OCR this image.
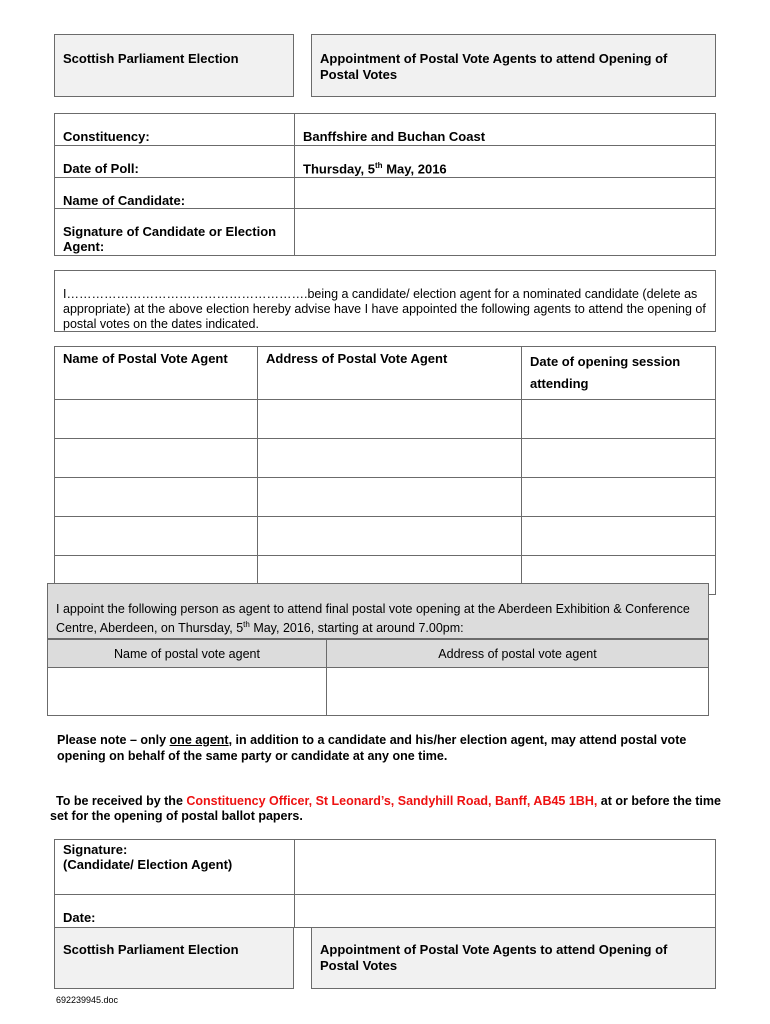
Scottish Parliament Election	Appointment of Postal Vote Agents to attend Opening of Postal Votes
Constituency:	Banffshire and Buchan Coast
Date of Poll:	Thursday, 5th May, 2016
Name of Candidate:	
Signature of Candidate or Election Agent:	
I………………………………………………….being a candidate/ election agent for a nominated candidate (delete as appropriate) at the above election hereby advise have I have appointed the following agents to attend the opening of postal votes on the dates indicated.
Name of Postal Vote Agent	Address of Postal Vote Agent	Date of opening session attending

I appoint the following person as agent to attend final postal vote opening at the Aberdeen Exhibition & Conference Centre, Aberdeen, on Thursday, 5th May, 2016, starting at around 7.00pm:
Name of postal vote agent	Address of postal vote agent

Please note – only one agent, in addition to a candidate and his/her election agent, may attend postal vote opening on behalf of the same party or candidate at any one time.
To be received by the Constituency Officer, St Leonard’s, Sandyhill Road, Banff, AB45 1BH, at or before the time set for the opening of postal ballot papers.
Signature:
(Candidate/ Election Agent)	

Date:	
Scottish Parliament Election	Appointment of Postal Vote Agents to attend Opening of Postal Votes
692239945.doc
